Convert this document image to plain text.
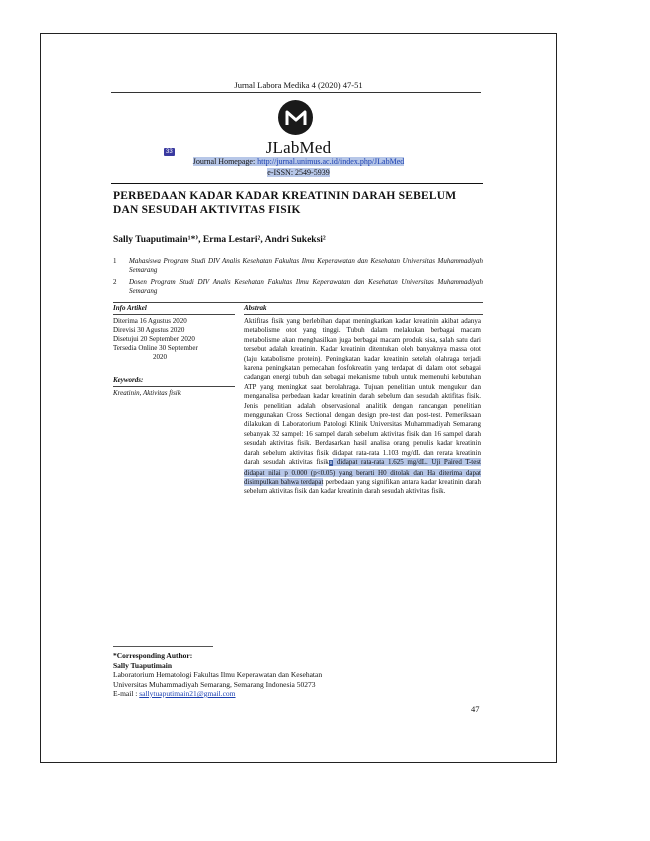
Jurnal Labora Medika 4 (2020) 47-51
JLabMed
33
Journal Homepage: http://jurnal.unimus.ac.id/index.php/JLabMed
e-ISSN: 2549-5939
PERBEDAAN KADAR KADAR KREATININ DARAH SEBELUM DAN SESUDAH AKTIVITAS FISIK
Sally Tuaputimain¹*⁾, Erma Lestari², Andri Sukeksi²
1 Mahasiswa Program Studi DIV Analis Kesehatan Fakultas Ilmu Keperawatan dan Kesehatan Universitas Muhammadiyah Semarang
2 Dosen Program Studi DIV Analis Kesehatan Fakultas Ilmu Keperawatan dan Kesehatan Universitas Muhammadiyah Semarang
Info Artikel	Abstrak
Diterima 16 Agustus 2020
Direvisi 30 Agustus 2020
Disetujui 20 September 2020
Tersedia Online 30 September
2020
Keywords:
Kreatinin, Aktivitas fisik
Aktifitas fisik yang berlebihan dapat meningkatkan kadar kreatinin akibat adanya metabolisme otot yang tinggi. Tubuh dalam melakukan berbagai macam metabolisme akan menghasilkan juga berbagai macam produk sisa, salah satu dari tersebut adalah kreatinin. Kadar kreatinin ditentukan oleh banyaknya massa otot (laju katabolisme protein). Peningkatan kadar kreatinin setelah olahraga terjadi karena peningkatan pemecahan fosfokreatin yang terdapat di dalam otot sebagai cadangan energi tubuh dan sebagai mekanisme tubuh untuk memenuhi kebutuhan ATP yang meningkat saat berolahraga. Tujuan penelitian untuk mengukur dan menganalisa perbedaan kadar kreatinin darah sebelum dan sesudah aktifitas fisik. Jenis penelitian adalah observasional analitik dengan rancangan penelitian menggunakan Cross Sectional dengan design pre-test dan post-test. Pemeriksaan dilakukan di Laboratorium Patologi Klinik Universitas Muhammadiyah Semarang sebanyak 32 sampel: 16 sampel darah sebelum aktivitas fisik dan 16 sampel darah sesudah aktivitas fisik. Berdasarkan hasil analisa orang penulis kadar kreatinin darah sebelum aktivitas fisik didapat rata-rata 1.103 mg/dL dan rerata kreatinin darah sesudah aktivitas fisiks didapat rata-rata 1.625 mg/dL. Uji Paired T-test didapat nilai p 0.000 (p<0.05) yang berarti H0 ditolak dan Ha diterima dapat disimpulkan bahwa terdapat perbedaan yang signifikan antara kadar kreatinin darah sebelum aktivitas fisik dan kadar kreatinin darah sesudah aktivitas fisik.
*Corresponding Author:
Sally Tuaputimain
Laboratorium Hematologi Fakultas Ilmu Keperawatan dan Kesehatan
Universitas Muhammadiyah Semarang, Semarang Indonesia 50273
E-mail : sallytuaputimain21@gmail.com
47
